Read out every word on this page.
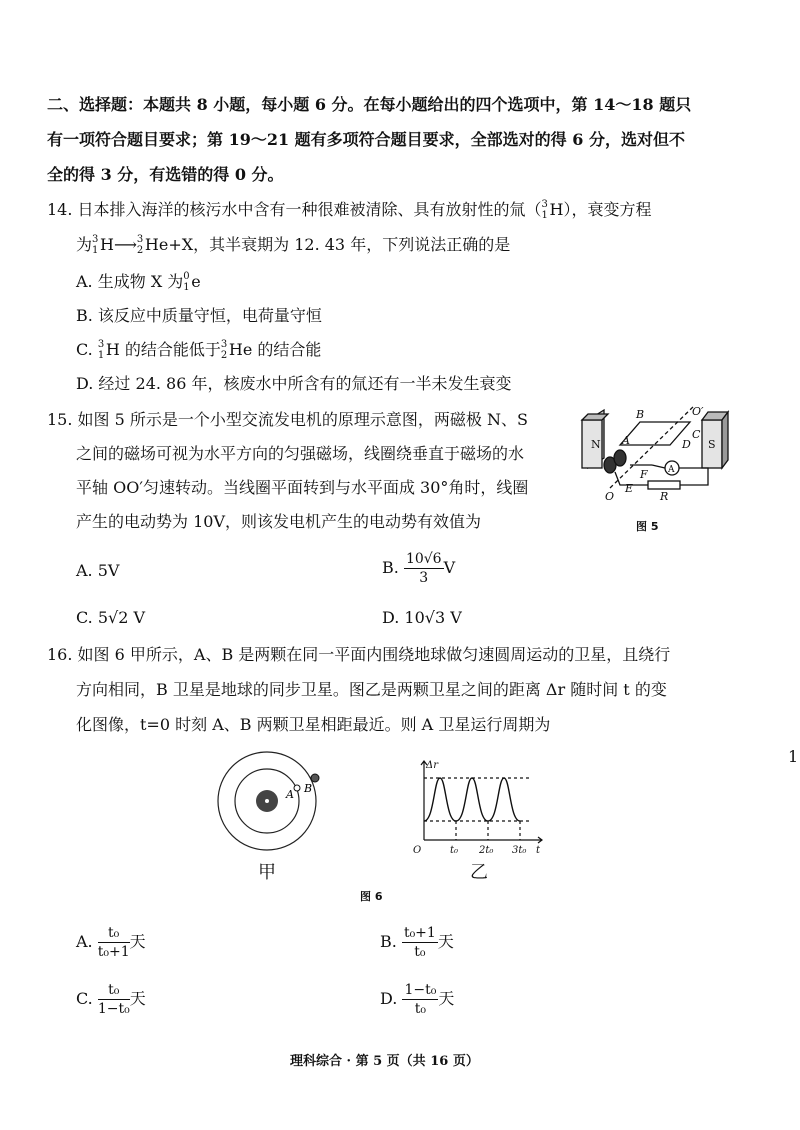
二、选择题：本题共 8 小题，每小题 6 分。在每小题给出的四个选项中，第 14～18 题只
有一项符合题目要求；第 19～21 题有多项符合题目要求，全部选对的得 6 分，选对但不
全的得 3 分，有选错的得 0 分。
14. 日本排入海洋的核污水中含有一种很难被清除、具有放射性的氚（ 3
1 H），衰变方程
为 3
1 H⟶ 3
2 He+X，其半衰期为 12. 43 年，下列说法正确的是
A. 生成物 X 为 0
1 e
B. 该反应中质量守恒，电荷量守恒
C. 3
1 H 的结合能低于 3
2 He 的结合能
D. 经过 24. 86 年，核废水中所含有的氚还有一半未发生衰变
15. 如图 5 所示是一个小型交流发电机的原理示意图，两磁极 N、S
之间的磁场可视为水平方向的匀强磁场，线圈绕垂直于磁场的水
平轴 OO′匀速转动。当线圈平面转到与水平面成 30°角时，线圈
产生的电动势为 10V，则该发电机产生的电动势有效值为
N	S
B	O′
C
A	D
F
E
O	R
A
图 5
A. 5V	B. $\frac{10√6}{3}$ V
C. 5√2 V	D. 10√3 V
16. 如图 6 甲所示，A、B 是两颗在同一平面内围绕地球做匀速圆周运动的卫星，且绕行
方向相同，B 卫星是地球的同步卫星。图乙是两颗卫星之间的距离 Δr 随时间 t 的变
化图像，t=0 时刻 A、B 两颗卫星相距最近。则 A 卫星运行周期为
A B
甲
Δr
t
O	t₀ 2t₀ 3t₀
乙
图 6
A. $\frac{\text{t₀}}{\text{t₀+1}}$ 天	B. $\frac{\text{t₀+1}}{\text{t₀}}$ 天
C. $\frac{\text{t₀}}{\text{1−t₀}}$ 天	D. $\frac{\text{1−t₀}}{\text{t₀}}$ 天
1
理科综合 · 第 5 页（共 16 页）
